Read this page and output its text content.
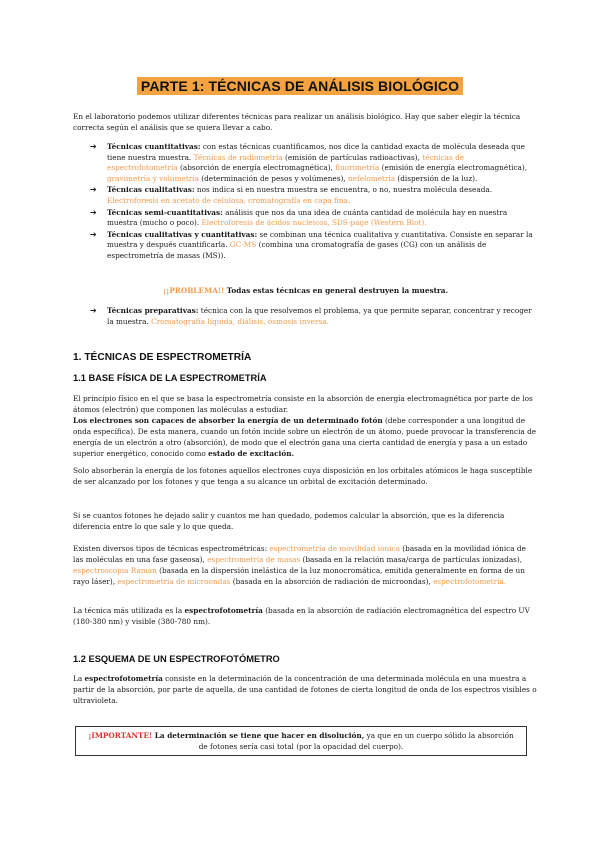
PARTE 1: TÉCNICAS DE ANÁLISIS BIOLÓGICO

En el laboratorio podemos utilizar diferentes técnicas para realizar un análisis biológico. Hay que saber elegir la técnica correcta según el análisis que se quiera llevar a cabo.

➔ Técnicas cuantitativas: con estas técnicas cuantificamos, nos dice la cantidad exacta de molécula deseada que tiene nuestra muestra. Técnicas de radiometría (emisión de partículas radioactivas), técnicas de espectrofotometría (absorción de energía electromagnética), fluorimetría (emisión de energía electromagnética), gravimetría y volumetría (determinación de pesos y volúmenes), nefelometría (dispersión de la luz).
➔ Técnicas cualitativas: nos indica si en nuestra muestra se encuentra, o no, nuestra molécula deseada. Electroforesis en acetato de celulosa, cromatografía en capa fina.
➔ Técnicas semi-cuantitativas: análisis que nos da una idea de cuánta cantidad de molécula hay en nuestra muestra (mucho o poco). Electroforesis de ácidos nucleicos, SDS-page (Western Blot).
➔ Técnicas cualitativas y cuantitativas: se combinan una técnica cualitativa y cuantitativa. Consiste en separar la muestra y después cuantificarla. GC-MS (combina una cromatografía de gases (CG) con un análisis de espectrometría de masas (MS)).

¡¡PROBLEMA!! Todas estas técnicas en general destruyen la muestra.

➔ Técnicas preparativas: técnica con la que resolvemos el problema, ya que permite separar, concentrar y recoger la muestra. Cromatografía líquida, diálisis, ósmosis inversa.
1. TÉCNICAS DE ESPECTROMETRÍA
1.1 BASE FÍSICA DE LA ESPECTROMETRÍA

El principio físico en el que se basa la espectrometría consiste en la absorción de energía electromagnética por parte de los átomos (electrón) que componen las moléculas a estudiar.
Los electrones son capaces de absorber la energía de un determinado fotón (debe corresponder a una longitud de onda específica). De esta manera, cuando un fotón incide sobre un electrón de un átomo, puede provocar la transferencia de energía de un electrón a otro (absorción), de modo que el electrón gana una cierta cantidad de energía y pasa a un estado superior energético, conocido como estado de excitación.

Solo absorberán la energía de los fotones aquellos electrones cuya disposición en los orbitales atómicos le haga susceptible de ser alcanzado por los fotones y que tenga a su alcance un orbital de excitación determinado.

Si se cuantos fotones he dejado salir y cuantos me han quedado, podemos calcular la absorción, que es la diferencia diferencia entre lo que sale y lo que queda.

Existen diversos tipos de técnicas espectrométricas: espectrometría de movilidad iónica (basada en la movilidad iónica de las moléculas en una fase gaseosa), espectrometría de masas (basada en la relación masa/carga de partículas ionizadas), espectroscopia Raman (basada en la dispersión inelástica de la luz monocromática, emitida generalmente en forma de un rayo láser), espectrometría de microondas (basada en la absorción de radiación de microondas), espectrofotometría.

La técnica más utilizada es la espectrofotometría (basada en la absorción de radiación electromagnética del espectro UV (180-380 nm) y visible (380-780 nm).

1.2 ESQUEMA DE UN ESPECTROFOTÓMETRO

La espectrofotometría consiste en la determinación de la concentración de una determinada molécula en una muestra a partir de la absorción, por parte de aquella, de una cantidad de fotones de cierta longitud de onda de los espectros visibles o ultravioleta.

¡IMPORTANTE! La determinación se tiene que hacer en disolución, ya que en un cuerpo sólido la absorción de fotones sería casi total (por la opacidad del cuerpo).
